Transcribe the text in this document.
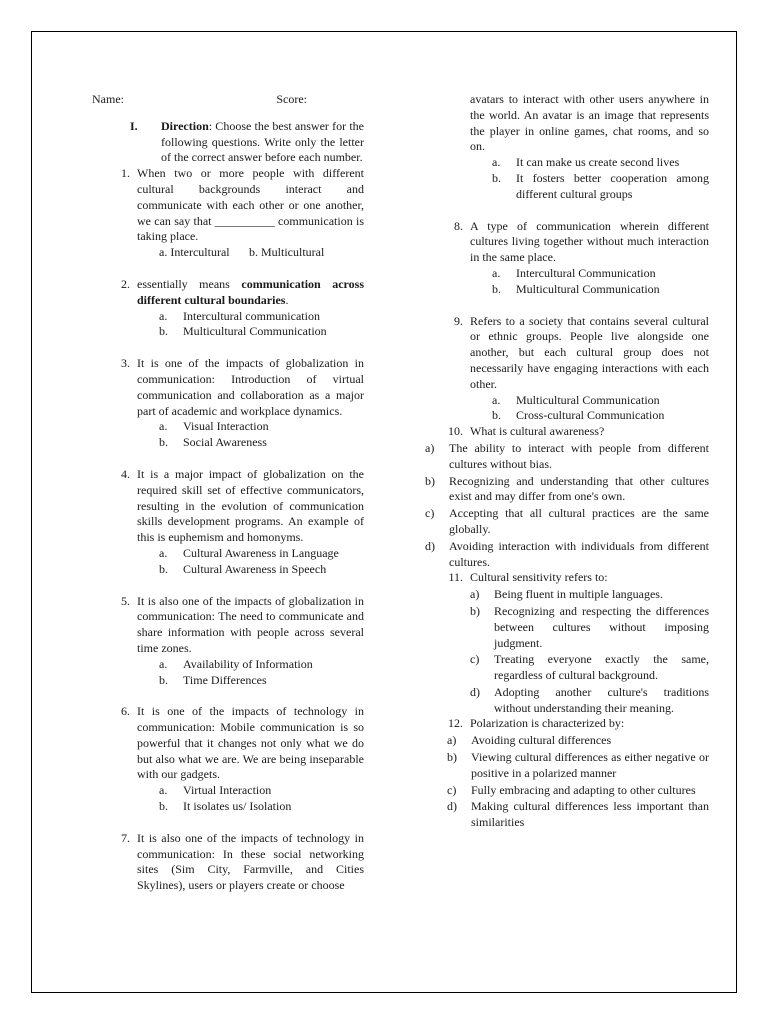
Name:	Score:
I.	Direction: Choose the best answer for the following questions. Write only the letter of the correct answer before each number.
1. When two or more people with different cultural backgrounds interact and communicate with each other or one another, we can say that __________ communication is taking place.
a. Intercultural	b. Multicultural
2. essentially means communication across different cultural boundaries.
a.	Intercultural communication
b.	Multicultural Communication
3. It is one of the impacts of globalization in communication: Introduction of virtual communication and collaboration as a major part of academic and workplace dynamics.
a.	Visual Interaction
b.	Social Awareness
4. It is a major impact of globalization on the required skill set of effective communicators, resulting in the evolution of communication skills development programs. An example of this is euphemism and homonyms.
a.	Cultural Awareness in Language
b.	Cultural Awareness in Speech
5. It is also one of the impacts of globalization in communication: The need to communicate and share information with people across several time zones.
a.	Availability of Information
b.	Time Differences
6. It is one of the impacts of technology in communication: Mobile communication is so powerful that it changes not only what we do but also what we are. We are being inseparable with our gadgets.
a.	Virtual Interaction
b.	It isolates us/ Isolation
7. It is also one of the impacts of technology in communication: In these social networking sites (Sim City, Farmville, and Cities Skylines), users or players create or choose
avatars to interact with other users anywhere in the world. An avatar is an image that represents the player in online games, chat rooms, and so on.
a.	It can make us create second lives
b.	It fosters better cooperation among different cultural groups
8. A type of communication wherein different cultures living together without much interaction in the same place.
a.	Intercultural Communication
b.	Multicultural Communication
9. Refers to a society that contains several cultural or ethnic groups. People live alongside one another, but each cultural group does not necessarily have engaging interactions with each other.
a.	Multicultural Communication
b.	Cross-cultural Communication
10. What is cultural awareness?
a)	The ability to interact with people from different cultures without bias.
b)	Recognizing and understanding that other cultures exist and may differ from one's own.
c)	Accepting that all cultural practices are the same globally.
d)	Avoiding interaction with individuals from different cultures.
11. Cultural sensitivity refers to:
a)	Being fluent in multiple languages.
b)	Recognizing and respecting the differences between cultures without imposing judgment.
c)	Treating everyone exactly the same, regardless of cultural background.
d)	Adopting another culture's traditions without understanding their meaning.
12. Polarization is characterized by:
a)	Avoiding cultural differences
b)	Viewing cultural differences as either negative or positive in a polarized manner
c)	Fully embracing and adapting to other cultures
d)	Making cultural differences less important than similarities
